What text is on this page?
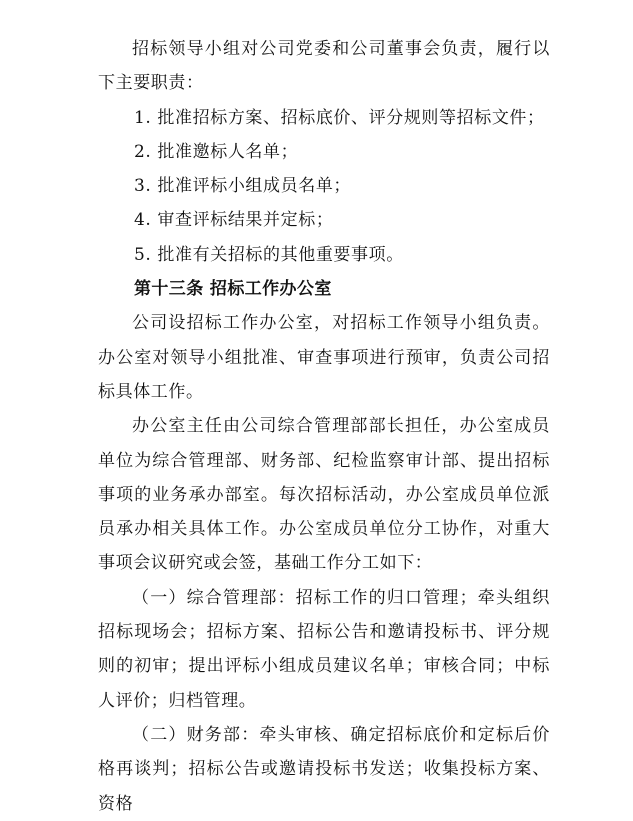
招标领导小组对公司党委和公司董事会负责，履行以下主要职责：

1. 批准招标方案、招标底价、评分规则等招标文件；

2. 批准邀标人名单；

3. 批准评标小组成员名单；

4. 审查评标结果并定标；

5. 批准有关招标的其他重要事项。

第十三条 招标工作办公室

公司设招标工作办公室，对招标工作领导小组负责。办公室对领导小组批准、审查事项进行预审，负责公司招标具体工作。

办公室主任由公司综合管理部部长担任，办公室成员单位为综合管理部、财务部、纪检监察审计部、提出招标事项的业务承办部室。每次招标活动，办公室成员单位派员承办相关具体工作。办公室成员单位分工协作，对重大事项会议研究或会签，基础工作分工如下：

（一）综合管理部：招标工作的归口管理；牵头组织招标现场会；招标方案、招标公告和邀请投标书、评分规则的初审；提出评标小组成员建议名单；审核合同；中标人评价；归档管理。

（二）财务部：牵头审核、确定招标底价和定标后价格再谈判；招标公告或邀请投标书发送；收集投标方案、资格
